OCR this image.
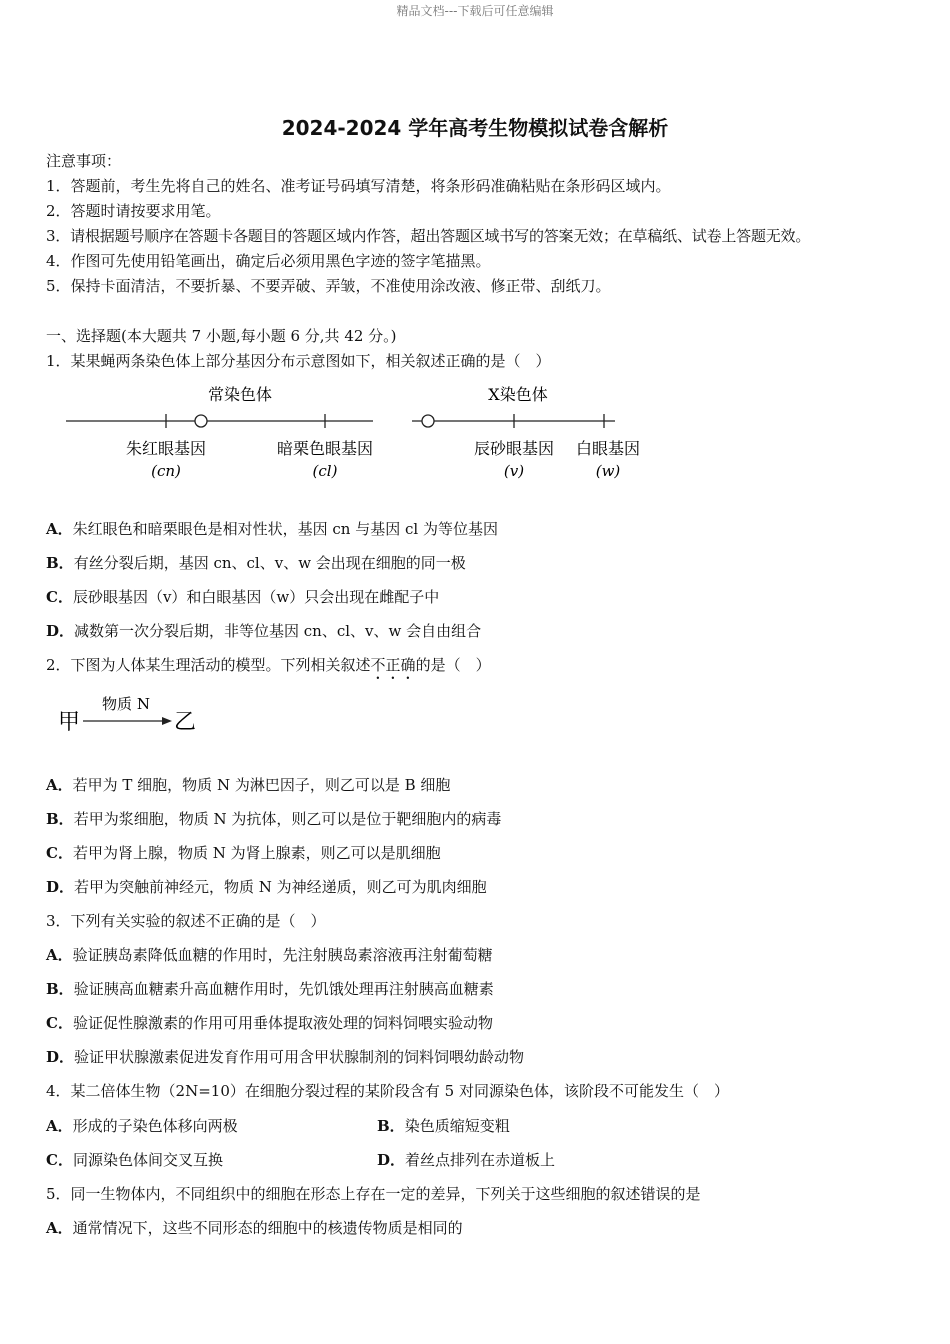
精品文档---下载后可任意编辑
2024-2024 学年高考生物模拟试卷含解析
注意事项：
1．答题前，考生先将自己的姓名、准考证号码填写清楚，将条形码准确粘贴在条形码区域内。
2．答题时请按要求用笔。
3．请根据题号顺序在答题卡各题目的答题区域内作答，超出答题区域书写的答案无效；在草稿纸、试卷上答题无效。
4．作图可先使用铅笔画出，确定后必须用黑色字迹的签字笔描黑。
5．保持卡面清洁，不要折暴、不要弄破、弄皱，不准使用涂改液、修正带、刮纸刀。
一、选择题(本大题共 7 小题,每小题 6 分,共 42 分。)
1．某果蝇两条染色体上部分基因分布示意图如下，相关叙述正确的是（　）
常染色体	X染色体
朱红眼基因	暗栗色眼基因	辰砂眼基因 白眼基因
(cn)	(cl)	(v)	(w)
A．朱红眼色和暗栗眼色是相对性状，基因 cn 与基因 cl 为等位基因
B．有丝分裂后期，基因 cn、cl、v、w 会出现在细胞的同一极
C．辰砂眼基因（v）和白眼基因（w）只会出现在雌配子中
D．减数第一次分裂后期，非等位基因 cn、cl、v、w 会自由组合
2．下图为人体某生理活动的模型。下列相关叙述不正确的是（　）
甲
物质 N
乙
A．若甲为 T 细胞，物质 N 为淋巴因子，则乙可以是 B 细胞
B．若甲为浆细胞，物质 N 为抗体，则乙可以是位于靶细胞内的病毒
C．若甲为肾上腺，物质 N 为肾上腺素，则乙可以是肌细胞
D．若甲为突触前神经元，物质 N 为神经递质，则乙可为肌肉细胞
3．下列有关实验的叙述不正确的是（　）
A．验证胰岛素降低血糖的作用时，先注射胰岛素溶液再注射葡萄糖
B．验证胰高血糖素升高血糖作用时，先饥饿处理再注射胰高血糖素
C．验证促性腺激素的作用可用垂体提取液处理的饲料饲喂实验动物
D．验证甲状腺激素促进发育作用可用含甲状腺制剂的饲料饲喂幼龄动物
4．某二倍体生物（2N=10）在细胞分裂过程的某阶段含有 5 对同源染色体，该阶段不可能发生（　）
A．形成的子染色体移向两极	B．染色质缩短变粗
C．同源染色体间交叉互换	D．着丝点排列在赤道板上
5．同一生物体内，不同组织中的细胞在形态上存在一定的差异，下列关于这些细胞的叙述错误的是
A．通常情况下，这些不同形态的细胞中的核遗传物质是相同的
